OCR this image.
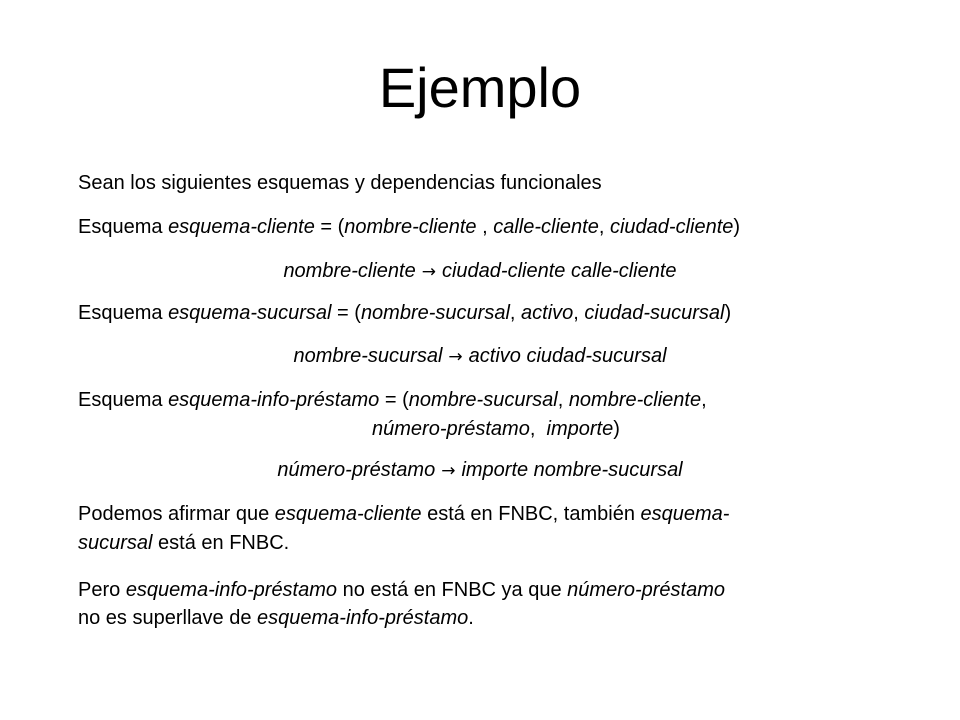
Ejemplo

Sean los siguientes esquemas y dependencias funcionales

Esquema esquema-cliente = (nombre-cliente , calle-cliente, ciudad-cliente)

nombre-cliente → ciudad-cliente calle-cliente

Esquema esquema-sucursal = (nombre-sucursal, activo, ciudad-sucursal)

nombre-sucursal → activo ciudad-sucursal

Esquema esquema-info-préstamo = (nombre-sucursal, nombre-cliente,

número-préstamo,  importe)

número-préstamo → importe nombre-sucursal

Podemos afirmar que esquema-cliente está en FNBC, también esquema-

sucursal está en FNBC.

Pero esquema-info-préstamo no está en FNBC ya que número-préstamo

no es superllave de esquema-info-préstamo.
